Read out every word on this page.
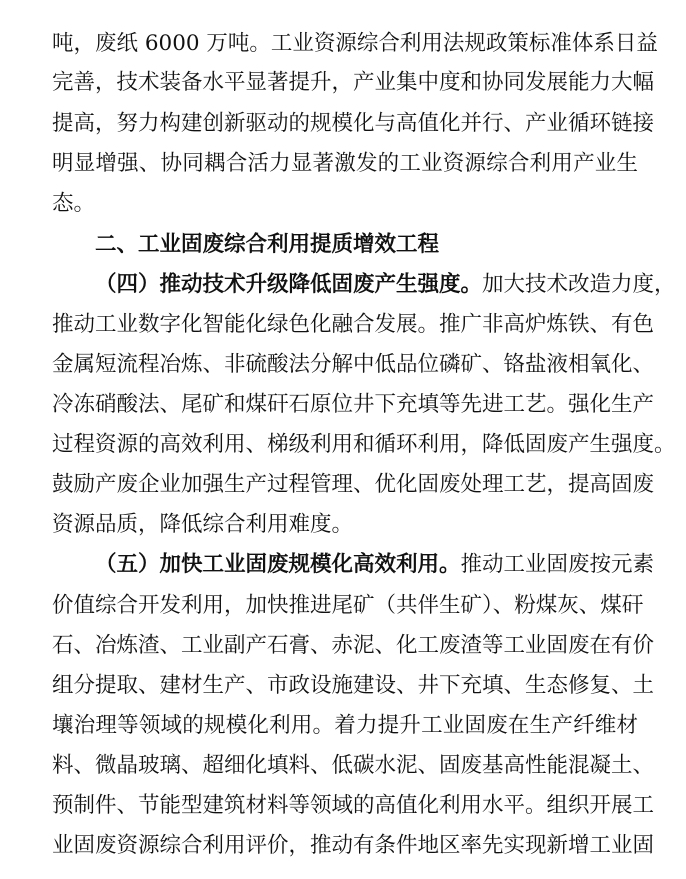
吨，废纸 6000 万吨。工业资源综合利用法规政策标准体系日益
完善，技术装备水平显著提升，产业集中度和协同发展能力大幅
提高，努力构建创新驱动的规模化与高值化并行、产业循环链接
明显增强、协同耦合活力显著激发的工业资源综合利用产业生
态。
二、工业固废综合利用提质增效工程
（四）推动技术升级降低固废产生强度。加大技术改造力度，
推动工业数字化智能化绿色化融合发展。推广非高炉炼铁、有色
金属短流程冶炼、非硫酸法分解中低品位磷矿、铬盐液相氧化、
冷冻硝酸法、尾矿和煤矸石原位井下充填等先进工艺。强化生产
过程资源的高效利用、梯级利用和循环利用，降低固废产生强度。
鼓励产废企业加强生产过程管理、优化固废处理工艺，提高固废
资源品质，降低综合利用难度。
（五）加快工业固废规模化高效利用。推动工业固废按元素
价值综合开发利用，加快推进尾矿（共伴生矿）、粉煤灰、煤矸
石、冶炼渣、工业副产石膏、赤泥、化工废渣等工业固废在有价
组分提取、建材生产、市政设施建设、井下充填、生态修复、土
壤治理等领域的规模化利用。着力提升工业固废在生产纤维材
料、微晶玻璃、超细化填料、低碳水泥、固废基高性能混凝土、
预制件、节能型建筑材料等领域的高值化利用水平。组织开展工
业固废资源综合利用评价，推动有条件地区率先实现新增工业固
